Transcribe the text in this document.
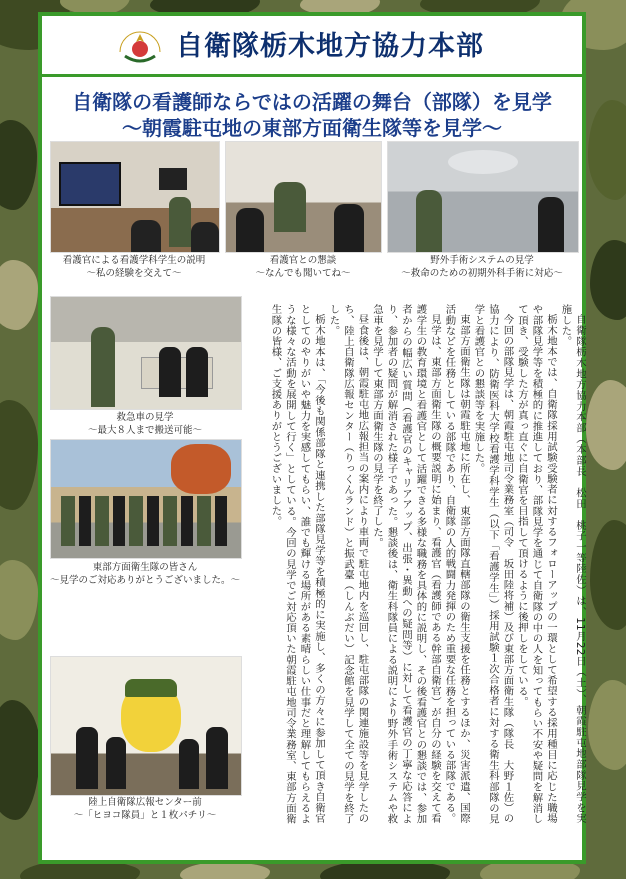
自衛隊栃木地方協力本部
自衛隊の看護師ならではの活躍の舞台（部隊）を見学
～朝霞駐屯地の東部方面衛生隊等を見学～
看護官による看護学科学生の説明
～私の経験を交えて～
看護官との懇談
～なんでも聞いてね～
野外手術システムの見学
～救命のための初期外科手術に対応～
救急車の見学
～最大８人まで搬送可能～
東部方面衛生隊の皆さん
～見学のご対応ありがとうございました。～
陸上自衛隊広報センター前
～「ヒヨコ隊員」と１枚パチリ～	自衛隊栃木地方協力本部（本部長　松田　桃子一等陸佐）は、11月22日（土）、朝霞駐屯地部隊見学を実施した。

栃木地本では、自衛隊採用試験受験者に対するフォローアップの一環として希望する採用種目に応じた職場や部隊見学等を積極的に推進しており、部隊見学を通じて自衛隊の中の人を知ってもらい不安や疑問を解消して頂き、受験した方が真っ直ぐに自衛官を目指して頂けるように後押しをしている。

今回の部隊見学は、朝霞駐屯地司令業務室（司令　坂田陸将補）及び東部方面衛生隊（隊長　大野１佐）の協力により、防衛医科大学校看護学科学生（以下「看護学生」）採用試験１次合格者に対する衛生科部隊の見学と看護官との懇談等を実施した。

東部方面衛生隊は朝霞駐屯地に所在し、東部方面隊直轄部隊の衛生支援を任務とするほか、災害派遣、国際活動などを任務としている部隊であり、自衛隊の人的戦闘力発揮のため重要な任務を担っている部隊である。

見学は、東部方面衛生隊の概要説明に始まり、看護官（看護師である幹部自衛官）が自分の経験を交えて看護学生の教育環境と看護官として活躍できる多様な職務を具体的に説明し、その後看護官との懇談では、参加者からの幅広い質問（看護官のキャリアアップ、出張・異動への疑問等）に対して看護官の丁寧な応答により、参加者の疑問が解消された様子であった。懇談後は、衛生科隊員による説明により野外手術システムや救急車を見学して東部方面衛生隊の見学を終了した。

昼食後は、朝霞駐屯地広報担当の案内により車両で駐屯地内を巡回し、駐屯部隊の関連施設等を見学したのち、陸上自衛隊広報センター（りっくんランド）と振武臺（しんぶだい）記念館を見学して全ての見学を終了した。

栃木地本は、「今後も関係部隊と連携した部隊見学等を積極的に実施し、多くの方々に参加して頂き自衛官としてのやりがいや魅力を実感してもらい、誰でも輝ける場所がある素晴らしい仕事だと理解してもらえるような様々な活動を展開して行く」としている。今回の見学でご対応頂いた朝霞駐屯地司令業務室、東部方面衛生隊の皆様、ご支援ありがとうございました。
